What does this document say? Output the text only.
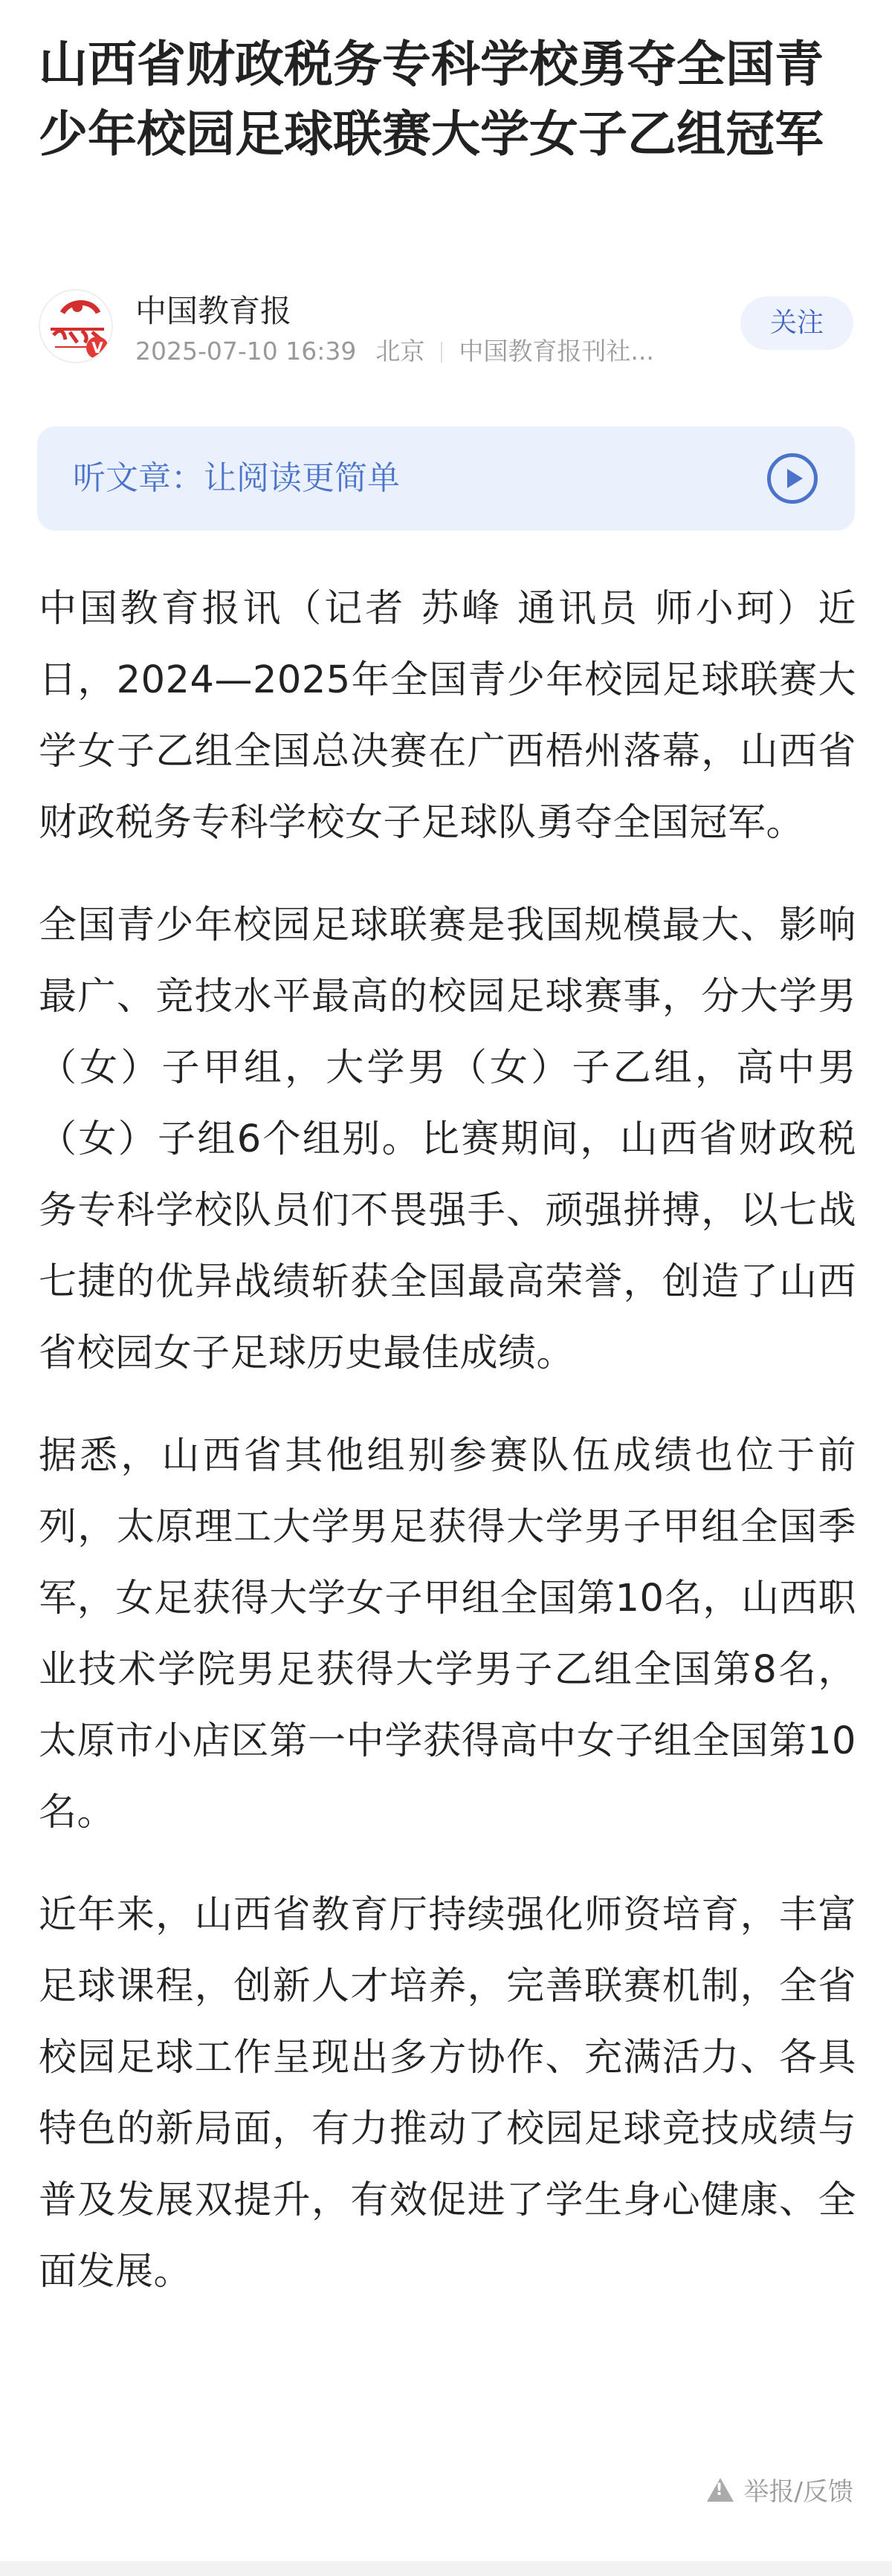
山西省财政税务专科学校勇夺全国青少年校园足球联赛大学女子乙组冠军
V
中国教育报
2025-07-10 16:39 北京 中国教育报刊社...
关注
听文章：让阅读更简单

中国教育报讯（记者 苏峰 通讯员 师小珂）近日，2024—2025年全国青少年校园足球联赛大学女子乙组全国总决赛在广西梧州落幕，山西省财政税务专科学校女子足球队勇夺全国冠军。

全国青少年校园足球联赛是我国规模最大、影响最广、竞技水平最高的校园足球赛事，分大学男（女）子甲组，大学男（女）子乙组，高中男（女）子组6个组别。比赛期间，山西省财政税务专科学校队员们不畏强手、顽强拼搏，以七战七捷的优异战绩斩获全国最高荣誉，创造了山西省校园女子足球历史最佳成绩。

据悉，山西省其他组别参赛队伍成绩也位于前列，太原理工大学男足获得大学男子甲组全国季军，女足获得大学女子甲组全国第10名，山西职业技术学院男足获得大学男子乙组全国第8名，太原市小店区第一中学获得高中女子组全国第10名。

近年来，山西省教育厅持续强化师资培育，丰富足球课程，创新人才培养，完善联赛机制，全省校园足球工作呈现出多方协作、充满活力、各具特色的新局面，有力推动了校园足球竞技成绩与普及发展双提升，有效促进了学生身心健康、全面发展。

!举报/反馈
